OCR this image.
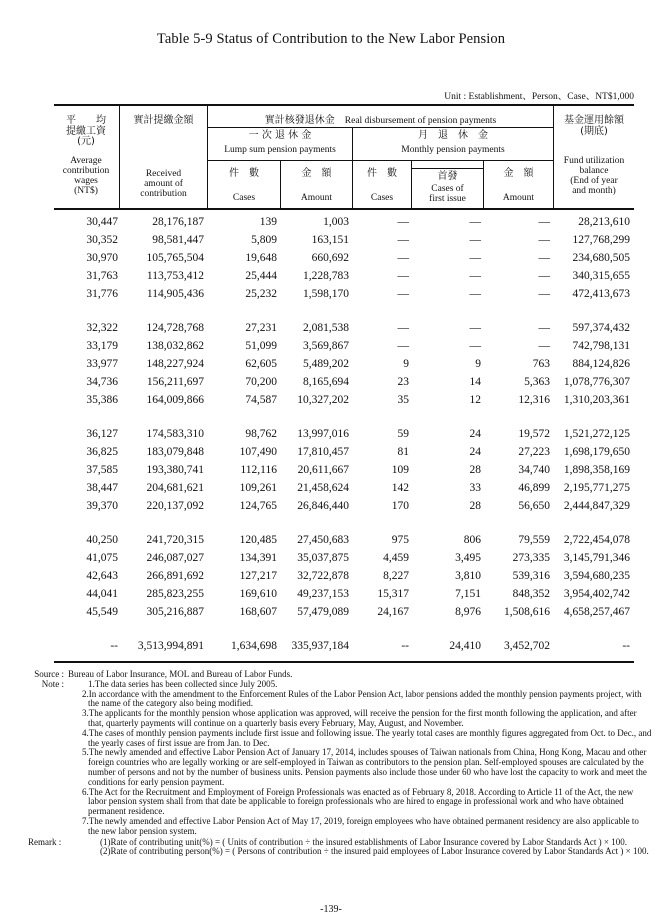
Table 5-9 Status of Contribution to the New Labor Pension
Unit : Establishment、Person、Case、NT$1,000
平　　均
提繳工資
(元)
Average
contribution
wages
(NT$)
實計提繳金額
Received
amount of
contribution
實計核發退休金 Real disbursement of pension payments
一 次 退 休 金
Lump sum pension payments
月　退　休　金
Monthly pension payments
件　數
Cases
金　額
Amount
件　數
Cases
首發
Cases of
first issue
金　額
Amount
基金運用餘額
(期底)
Fund utilization
balance
(End of year
and month)
30,447	28,176,187	139	1,003	—	—	—	28,213,610
30,352	98,581,447	5,809	163,151	—	—	—	127,768,299
30,970	105,765,504	19,648	660,692	—	—	—	234,680,505
31,763	113,753,412	25,444	1,228,783	—	—	—	340,315,655
31,776	114,905,436	25,232	1,598,170	—	—	—	472,413,673
32,322	124,728,768	27,231	2,081,538	—	—	—	597,374,432
33,179	138,032,862	51,099	3,569,867	—	—	—	742,798,131
33,977	148,227,924	62,605	5,489,202	9	9	763	884,124,826
34,736	156,211,697	70,200	8,165,694	23	14	5,363	1,078,776,307
35,386	164,009,866	74,587	10,327,202	35	12	12,316	1,310,203,361
36,127	174,583,310	98,762	13,997,016	59	24	19,572	1,521,272,125
36,825	183,079,848	107,490	17,810,457	81	24	27,223	1,698,179,650
37,585	193,380,741	112,116	20,611,667	109	28	34,740	1,898,358,169
38,447	204,681,621	109,261	21,458,624	142	33	46,899	2,195,771,275
39,370	220,137,092	124,765	26,846,440	170	28	56,650	2,444,847,329
40,250	241,720,315	120,485	27,450,683	975	806	79,559	2,722,454,078
41,075	246,087,027	134,391	35,037,875	4,459	3,495	273,335	3,145,791,346
42,643	266,891,692	127,217	32,722,878	8,227	3,810	539,316	3,594,680,235
44,041	285,823,255	169,610	49,237,153	15,317	7,151	848,352	3,954,402,742
45,549	305,216,887	168,607	57,479,089	24,167	8,976	1,508,616	4,658,257,467
--	3,513,994,891	1,634,698	335,937,184	--	24,410	3,452,702	--
Source : Bureau of Labor Insurance, MOL and Bureau of Labor Funds.
Note :	1.The data series has been collected since July 2005.
2.In accordance with the amendment to the Enforcement Rules of the Labor Pension Act, labor pensions added the monthly pension payments project, with the name of the category also being modified.
3.The applicants for the monthly pension whose application was approved, will receive the pension for the first month following the application, and after that, quarterly payments will continue on a quarterly basis every February, May, August, and November.
4.The cases of monthly pension payments include first issue and following issue. The yearly total cases are monthly figures aggregated from Oct. to Dec., and the yearly cases of first issue are from Jan. to Dec.
5.The newly amended and effective Labor Pension Act of January 17, 2014, includes spouses of Taiwan nationals from China, Hong Kong, Macau and other foreign countries who are legally working or are self-employed in Taiwan as contributors to the pension plan. Self-employed spouses are calculated by the number of persons and not by the number of business units. Pension payments also include those under 60 who have lost the capacity to work and meet the conditions for early pension payment.
6.The Act for the Recruitment and Employment of Foreign Professionals was enacted as of February 8, 2018. According to Article 11 of the Act, the new labor pension system shall from that date be applicable to foreign professionals who are hired to engage in professional work and who have obtained permanent residence.
7.The newly amended and effective Labor Pension Act of May 17, 2019, foreign employees who have obtained permanent residency are also applicable to the new labor pension system.
Remark :	(1)Rate of contributing unit(%) = ( Units of contribution ÷ the insured establishments of Labor Insurance covered by Labor Standards Act ) × 100.
(2)Rate of contributing person(%) = ( Persons of contribution ÷ the insured paid employees of Labor Insurance covered by Labor Standards Act ) × 100.
-139-
